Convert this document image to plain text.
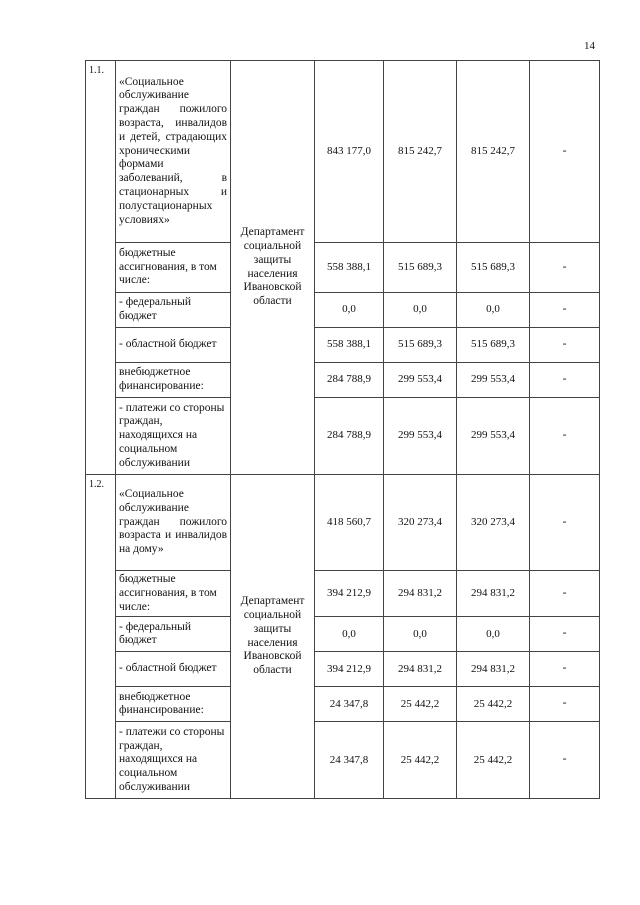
14
1.1.	«Социальное обслуживание граждан пожилого возраста, инвалидов и детей, страдающих хроническими формами заболеваний, в стационарных и полустационарных условиях»	Департамент социальной защиты населения Ивановской области	843 177,0	815 242,7	815 242,7	-
	бюджетные ассигнования, в том числе:		558 388,1	515 689,3	515 689,3	-
	- федеральный бюджет		0,0	0,0	0,0	-
	- областной бюджет		558 388,1	515 689,3	515 689,3	-
	внебюджетное финансирование:		284 788,9	299 553,4	299 553,4	-
	- платежи со стороны граждан, находящихся на социальном обслуживании		284 788,9	299 553,4	299 553,4	-
1.2.	«Социальное обслуживание граждан пожилого возраста и инвалидов на дому»	Департамент социальной защиты населения Ивановской области	418 560,7	320 273,4	320 273,4	-
	бюджетные ассигнования, в том числе:		394 212,9	294 831,2	294 831,2	-
	- федеральный бюджет		0,0	0,0	0,0	-
	- областной бюджет		394 212,9	294 831,2	294 831,2	-
	внебюджетное финансирование:		24 347,8	25 442,2	25 442,2	-
	- платежи со стороны граждан, находящихся на социальном обслуживании		24 347,8	25 442,2	25 442,2	-
